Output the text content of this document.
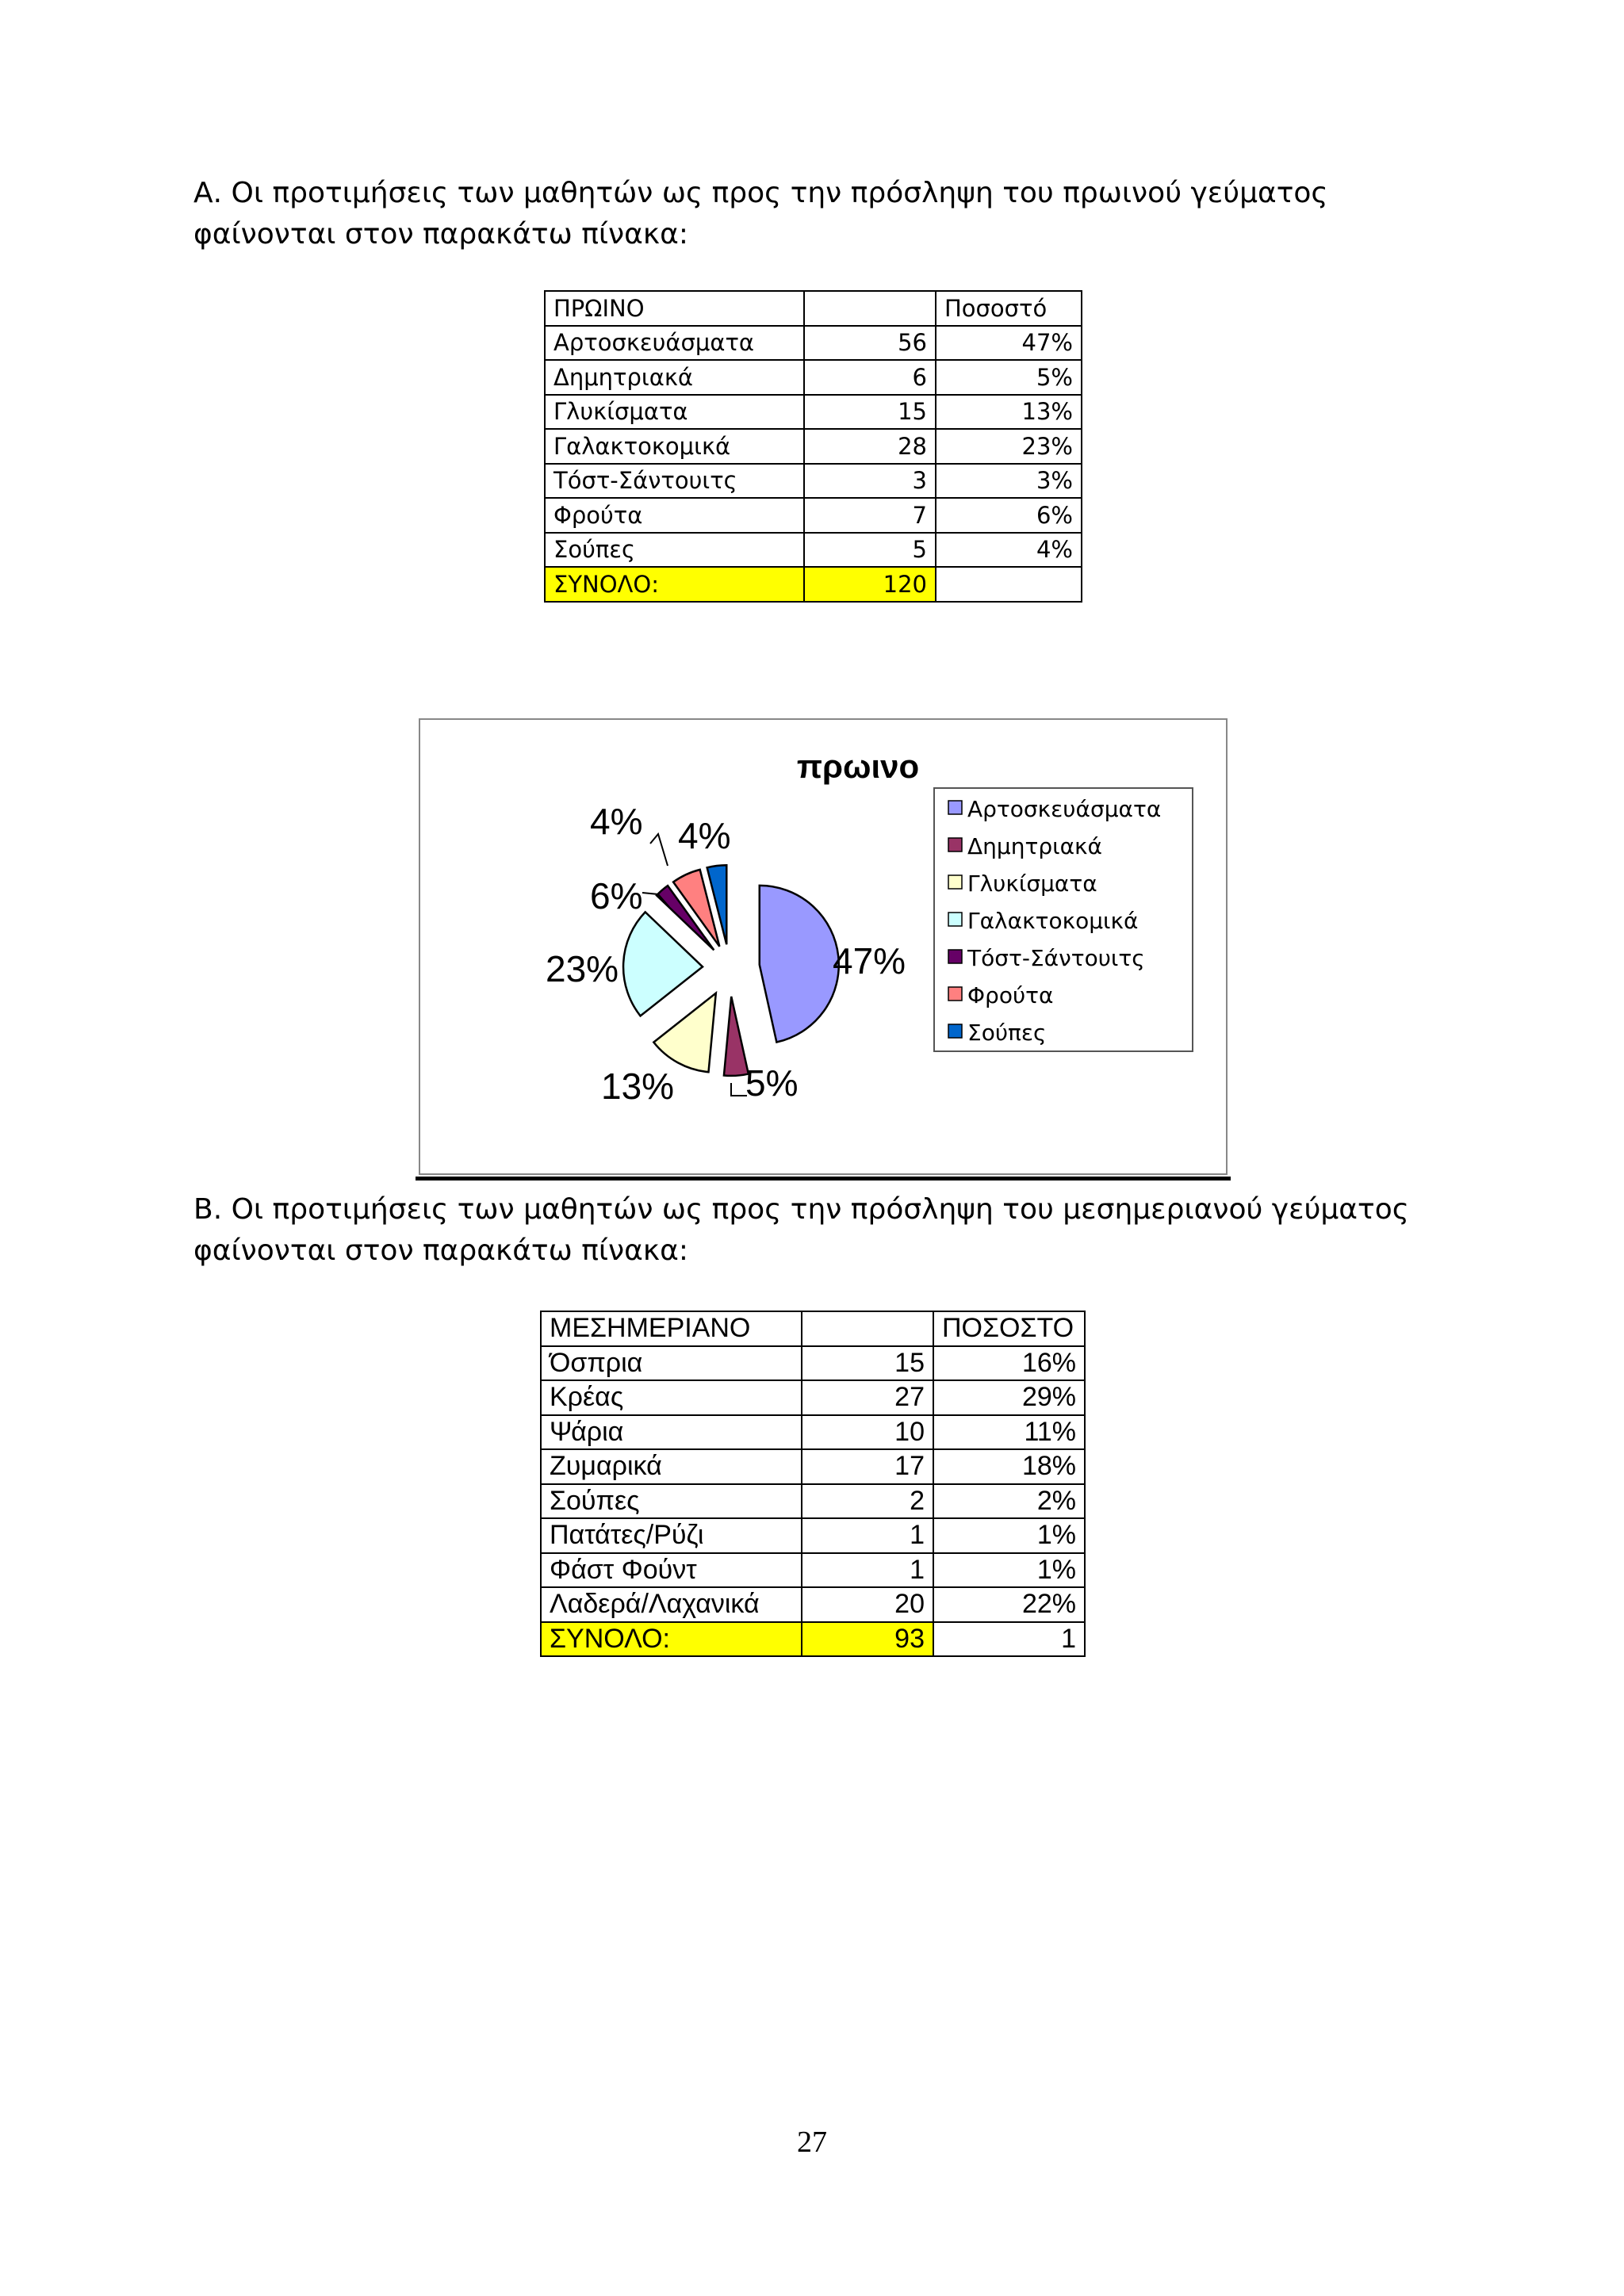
Α. Οι προτιμήσεις των μαθητών ως προς την πρόσληψη του πρωινού γεύματος φαίνονται στον παρακάτω πίνακα:

ΠΡΩΙΝΟ		Ποσοστό
Αρτοσκευάσματα	56	47%
Δημητριακά	6	5%
Γλυκίσματα	15	13%
Γαλακτοκομικά	28	23%
Τόστ-Σάντουιτς	3	3%
Φρούτα	7	6%
Σούπες	5	4%
ΣΥΝΟΛΟ:	120	
πρωινο
47%
5%
13%
23%
6%
4%
4%	Αρτοσκευάσματα
Δημητριακά
Γλυκίσματα
Γαλακτοκομικά
Τόστ-Σάντουιτς
Φρούτα
Σούπες

Β. Οι προτιμήσεις των μαθητών ως προς την πρόσληψη του μεσημεριανού γεύματος φαίνονται στον παρακάτω πίνακα:

ΜΕΣΗΜΕΡΙΑΝΟ		ΠΟΣΟΣΤΟ
Όσπρια	15	16%
Κρέας	27	29%
Ψάρια	10	11%
Ζυμαρικά	17	18%
Σούπες	2	2%
Πατάτες/Ρύζι	1	1%
Φάστ Φούντ	1	1%
Λαδερά/Λαχανικά	20	22%
ΣΥΝΟΛΟ:	93	1
27
